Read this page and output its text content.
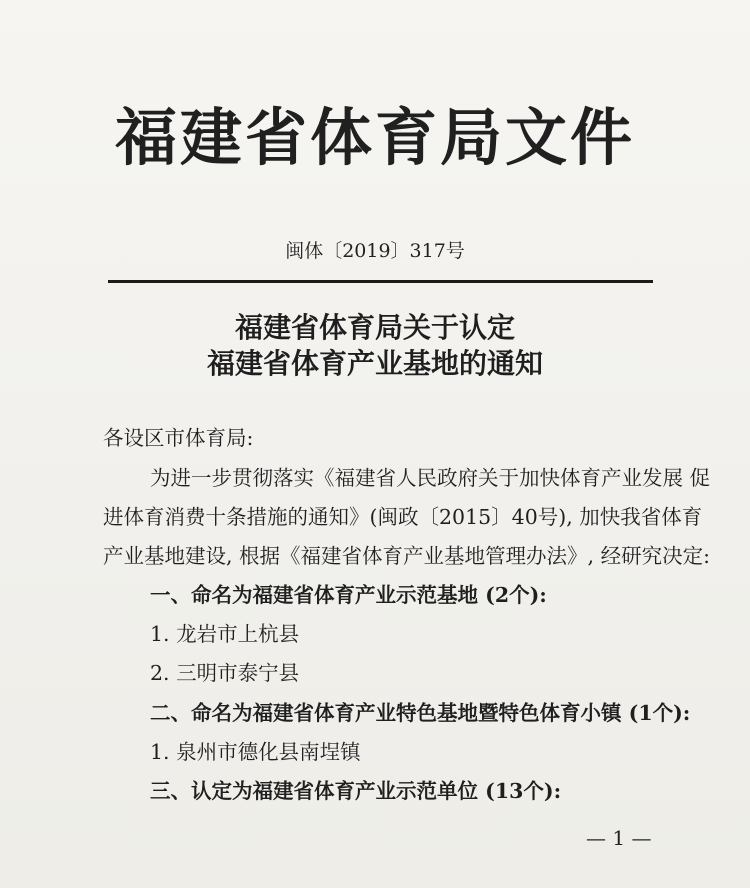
福建省体育局文件
闽体〔2019〕317号
福建省体育局关于认定
福建省体育产业基地的通知
各设区市体育局:
为进一步贯彻落实《福建省人民政府关于加快体育产业发展 促
进体育消费十条措施的通知》(闽政〔2015〕40号), 加快我省体育
产业基地建设, 根据《福建省体育产业基地管理办法》, 经研究决定:
一、命名为福建省体育产业示范基地 (2个):
1. 龙岩市上杭县
2. 三明市泰宁县
二、命名为福建省体育产业特色基地暨特色体育小镇 (1个):
1. 泉州市德化县南埕镇
三、认定为福建省体育产业示范单位 (13个):
— 1 —
